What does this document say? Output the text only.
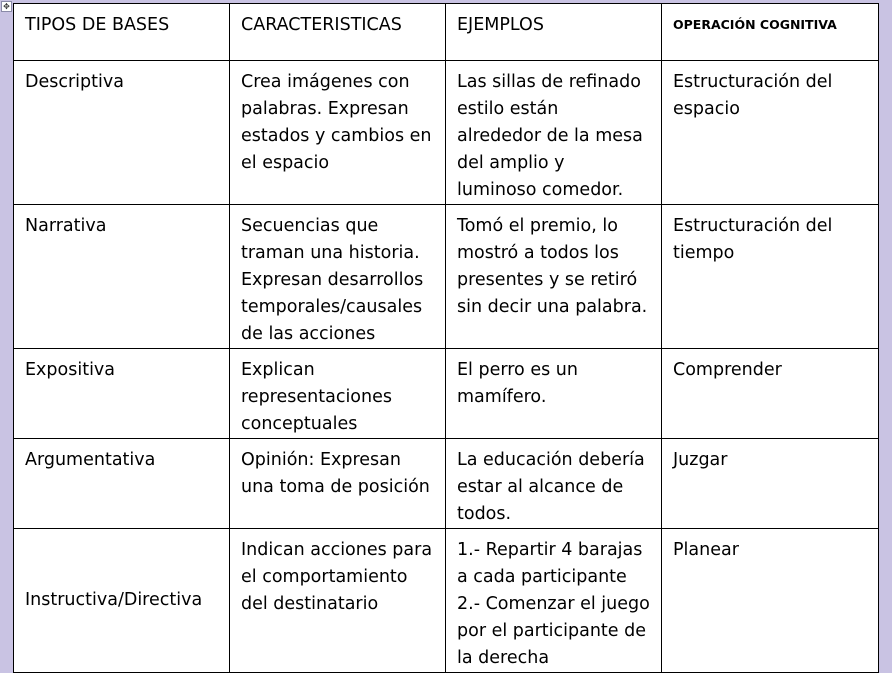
✥
TIPOS DE BASES	CARACTERISTICAS	EJEMPLOS	OPERACIÓN COGNITIVA

Descriptiva	Crea imágenes con
palabras. Expresan
estados y cambios en
el espacio	Las sillas de refinado
estilo están
alrededor de la mesa
del amplio y
luminoso comedor.	Estructuración del
espacio

Narrativa	Secuencias que
traman una historia.
Expresan desarrollos
temporales/causales
de las acciones	Tomó el premio, lo
mostró a todos los
presentes y se retiró
sin decir una palabra.	Estructuración del
tiempo

Expositiva	Explican
representaciones
conceptuales	El perro es un
mamífero.	Comprender

Argumentativa	Opinión: Expresan
una toma de posición	La educación debería
estar al alcance de
todos.	Juzgar

Instructiva/Directiva	Indican acciones para
el comportamiento
del destinatario	1.- Repartir 4 barajas
a cada participante
2.- Comenzar el juego
por el participante de
la derecha	Planear
